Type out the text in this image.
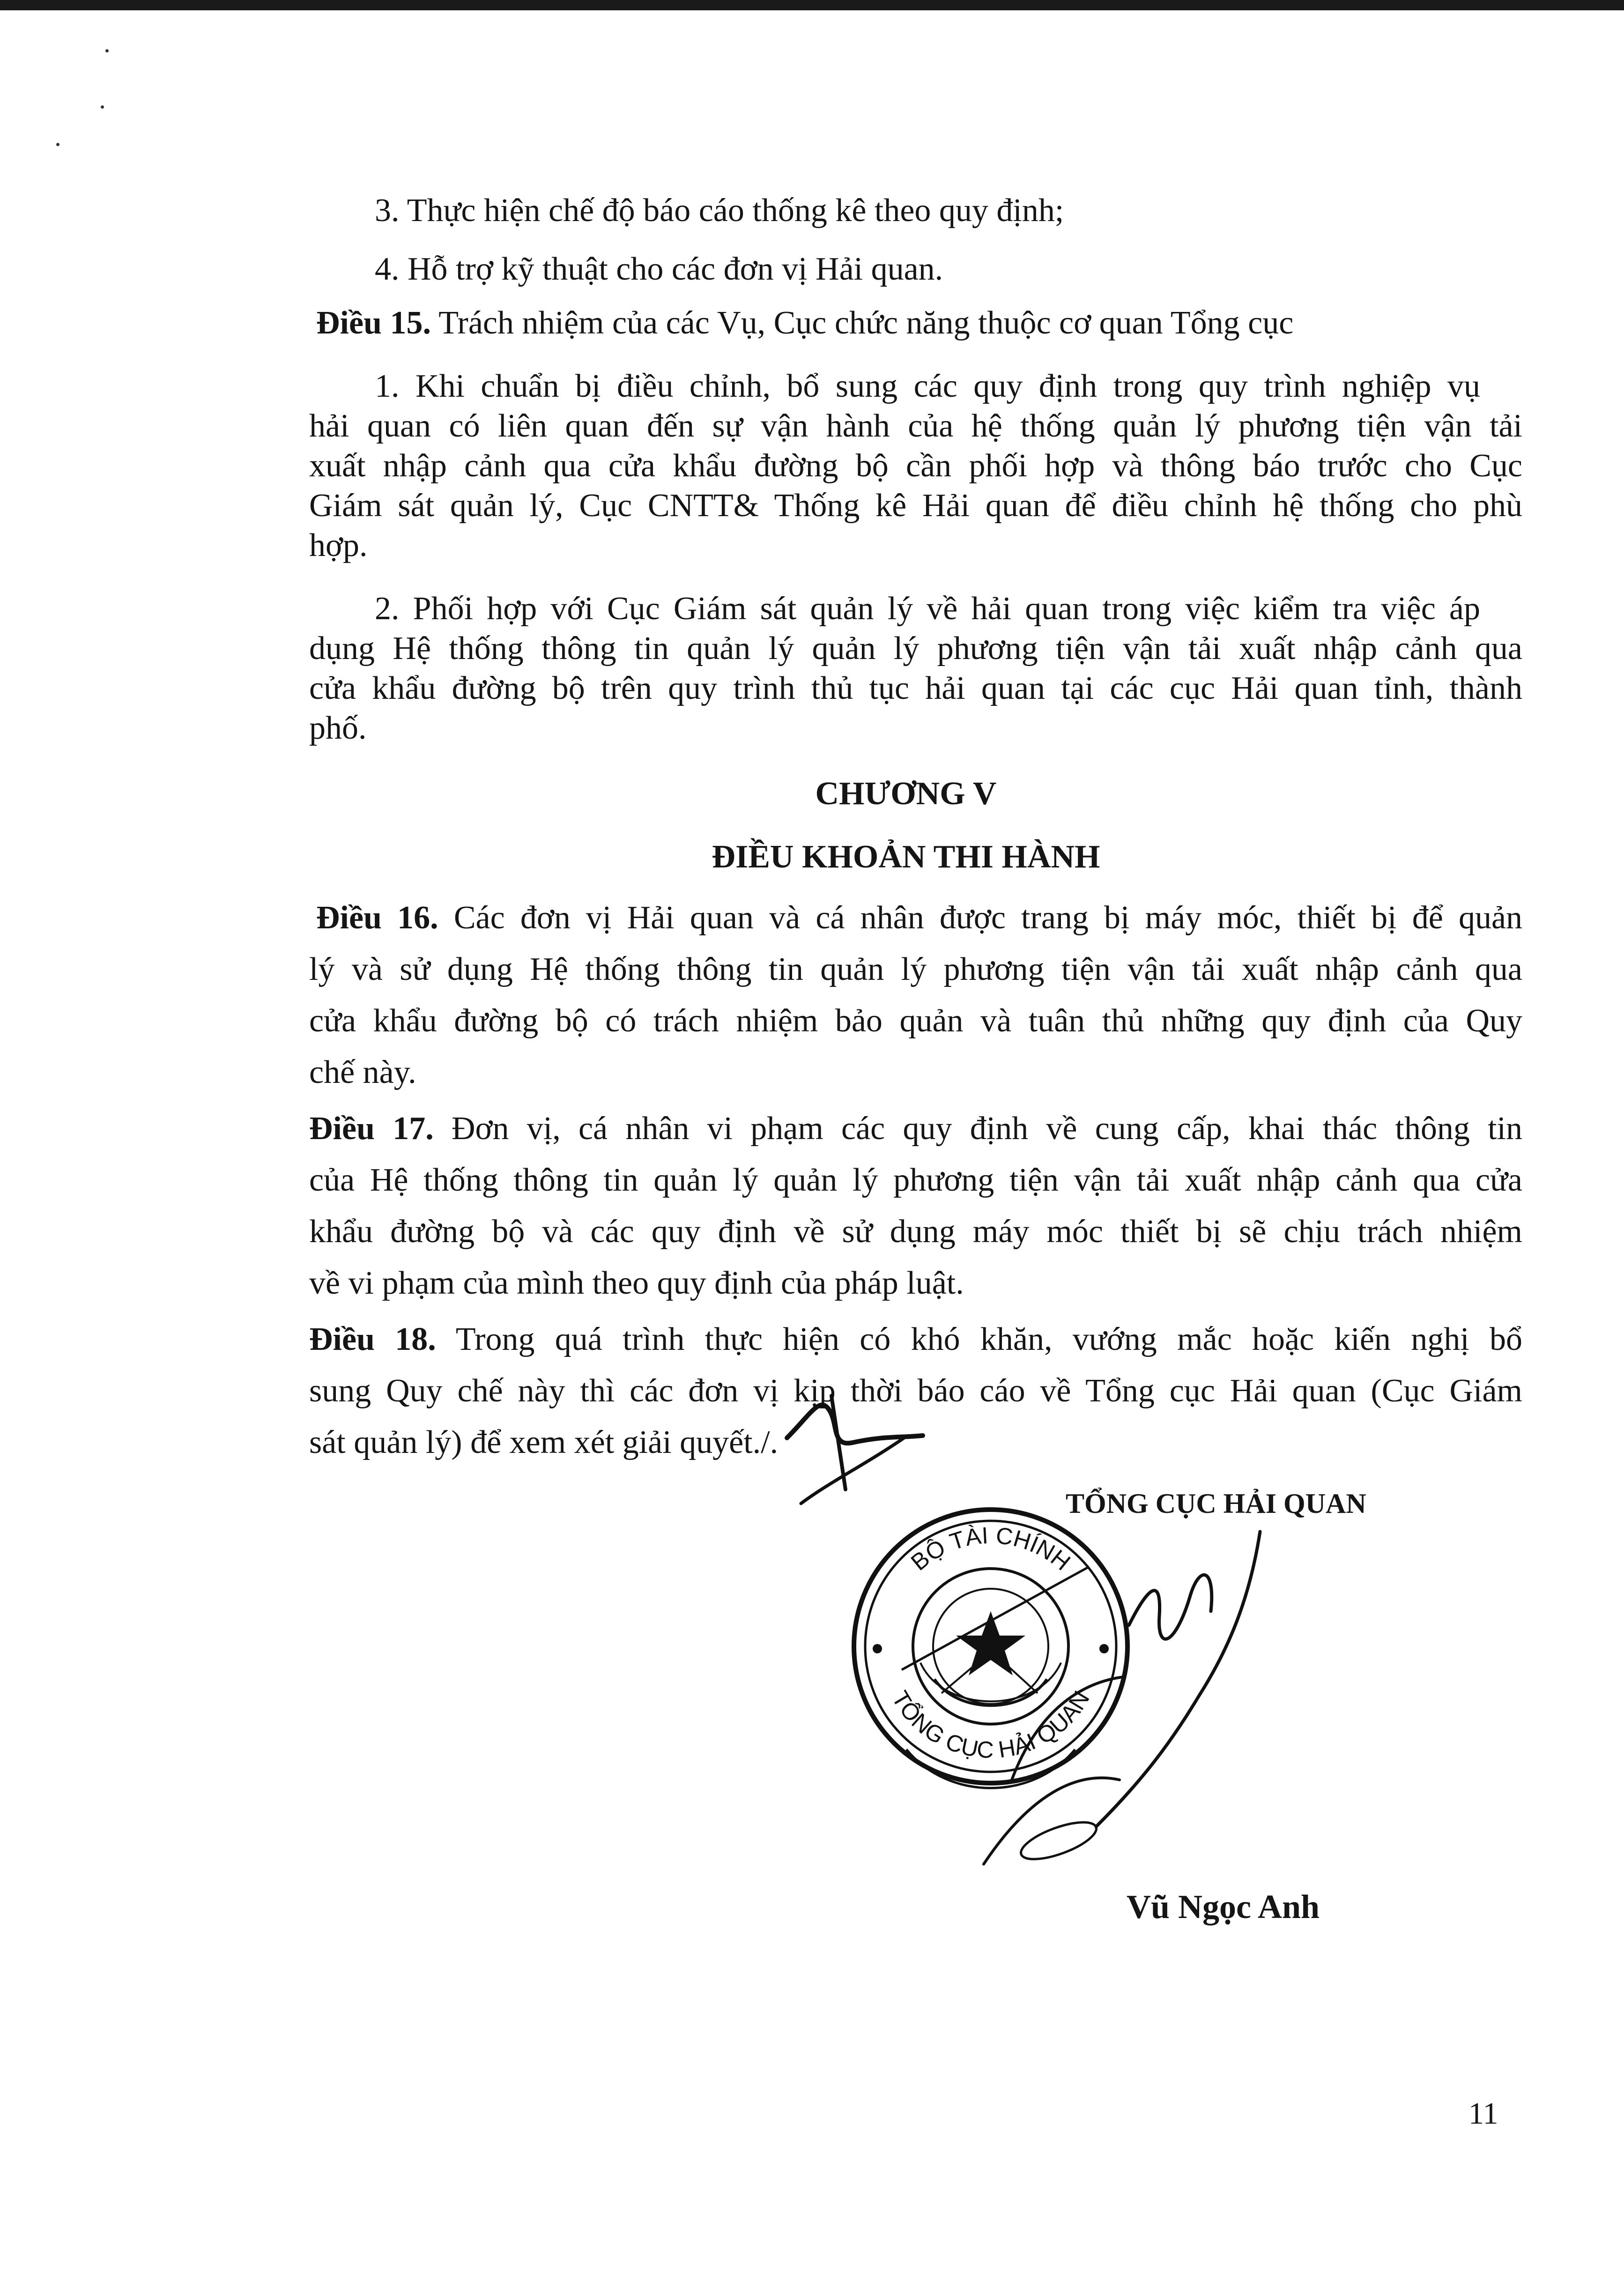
3. Thực hiện chế độ báo cáo thống kê theo quy định;
4. Hỗ trợ kỹ thuật cho các đơn vị Hải quan.
Điều 15. Trách nhiệm của các Vụ, Cục chức năng thuộc cơ quan Tổng cục
1. Khi chuẩn bị điều chỉnh, bổ sung các quy định trong quy trình nghiệp vụ
hải quan có liên quan đến sự vận hành của hệ thống quản lý phương tiện vận tải
xuất nhập cảnh qua cửa khẩu đường bộ cần phối hợp và thông báo trước cho Cục
Giám sát quản lý, Cục CNTT& Thống kê Hải quan để điều chỉnh hệ thống cho phù
hợp.
2. Phối hợp với Cục Giám sát quản lý về hải quan trong việc kiểm tra việc áp
dụng Hệ thống thông tin quản lý quản lý phương tiện vận tải xuất nhập cảnh qua
cửa khẩu đường bộ trên quy trình thủ tục hải quan tại các cục Hải quan tỉnh, thành
phố.
CHƯƠNG V
ĐIỀU KHOẢN THI HÀNH
Điều 16. Các đơn vị Hải quan và cá nhân được trang bị máy móc, thiết bị để quản
lý và sử dụng Hệ thống thông tin quản lý phương tiện vận tải xuất nhập cảnh qua
cửa khẩu đường bộ có trách nhiệm bảo quản và tuân thủ những quy định của Quy
chế này.
Điều 17. Đơn vị, cá nhân vi phạm các quy định về cung cấp, khai thác thông tin
của Hệ thống thông tin quản lý quản lý phương tiện vận tải xuất nhập cảnh qua cửa
khẩu đường bộ và các quy định về sử dụng máy móc thiết bị sẽ chịu trách nhiệm
về vi phạm của mình theo quy định của pháp luật.
Điều 18. Trong quá trình thực hiện có khó khăn, vướng mắc hoặc kiến nghị bổ
sung Quy chế này thì các đơn vị kịp thời báo cáo về Tổng cục Hải quan (Cục Giám
sát quản lý) để xem xét giải quyết./.
TỔNG CỤC HẢI QUAN
BỘ TÀI CHÍNH
TỔNG CỤC HẢI QUAN
Vũ Ngọc Anh
11
